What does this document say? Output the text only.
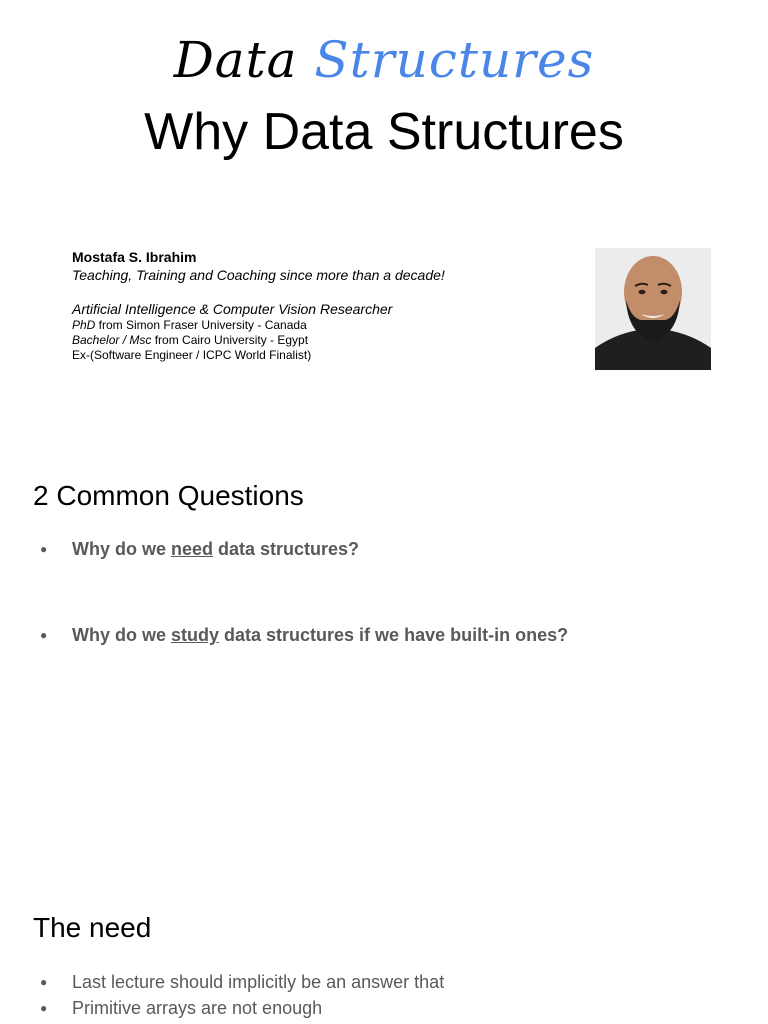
Data Structures
Why Data Structures
Mostafa S. Ibrahim
Teaching, Training and Coaching since more than a decade!
Artificial Intelligence & Computer Vision Researcher
PhD from Simon Fraser University - Canada
Bachelor / Msc from Cairo University - Egypt
Ex-(Software Engineer / ICPC World Finalist)
2 Common Questions
● Why do we need data structures?
● Why do we study data structures if we have built-in ones?
The need
● Last lecture should implicitly be an answer that
● Primitive arrays are not enough
